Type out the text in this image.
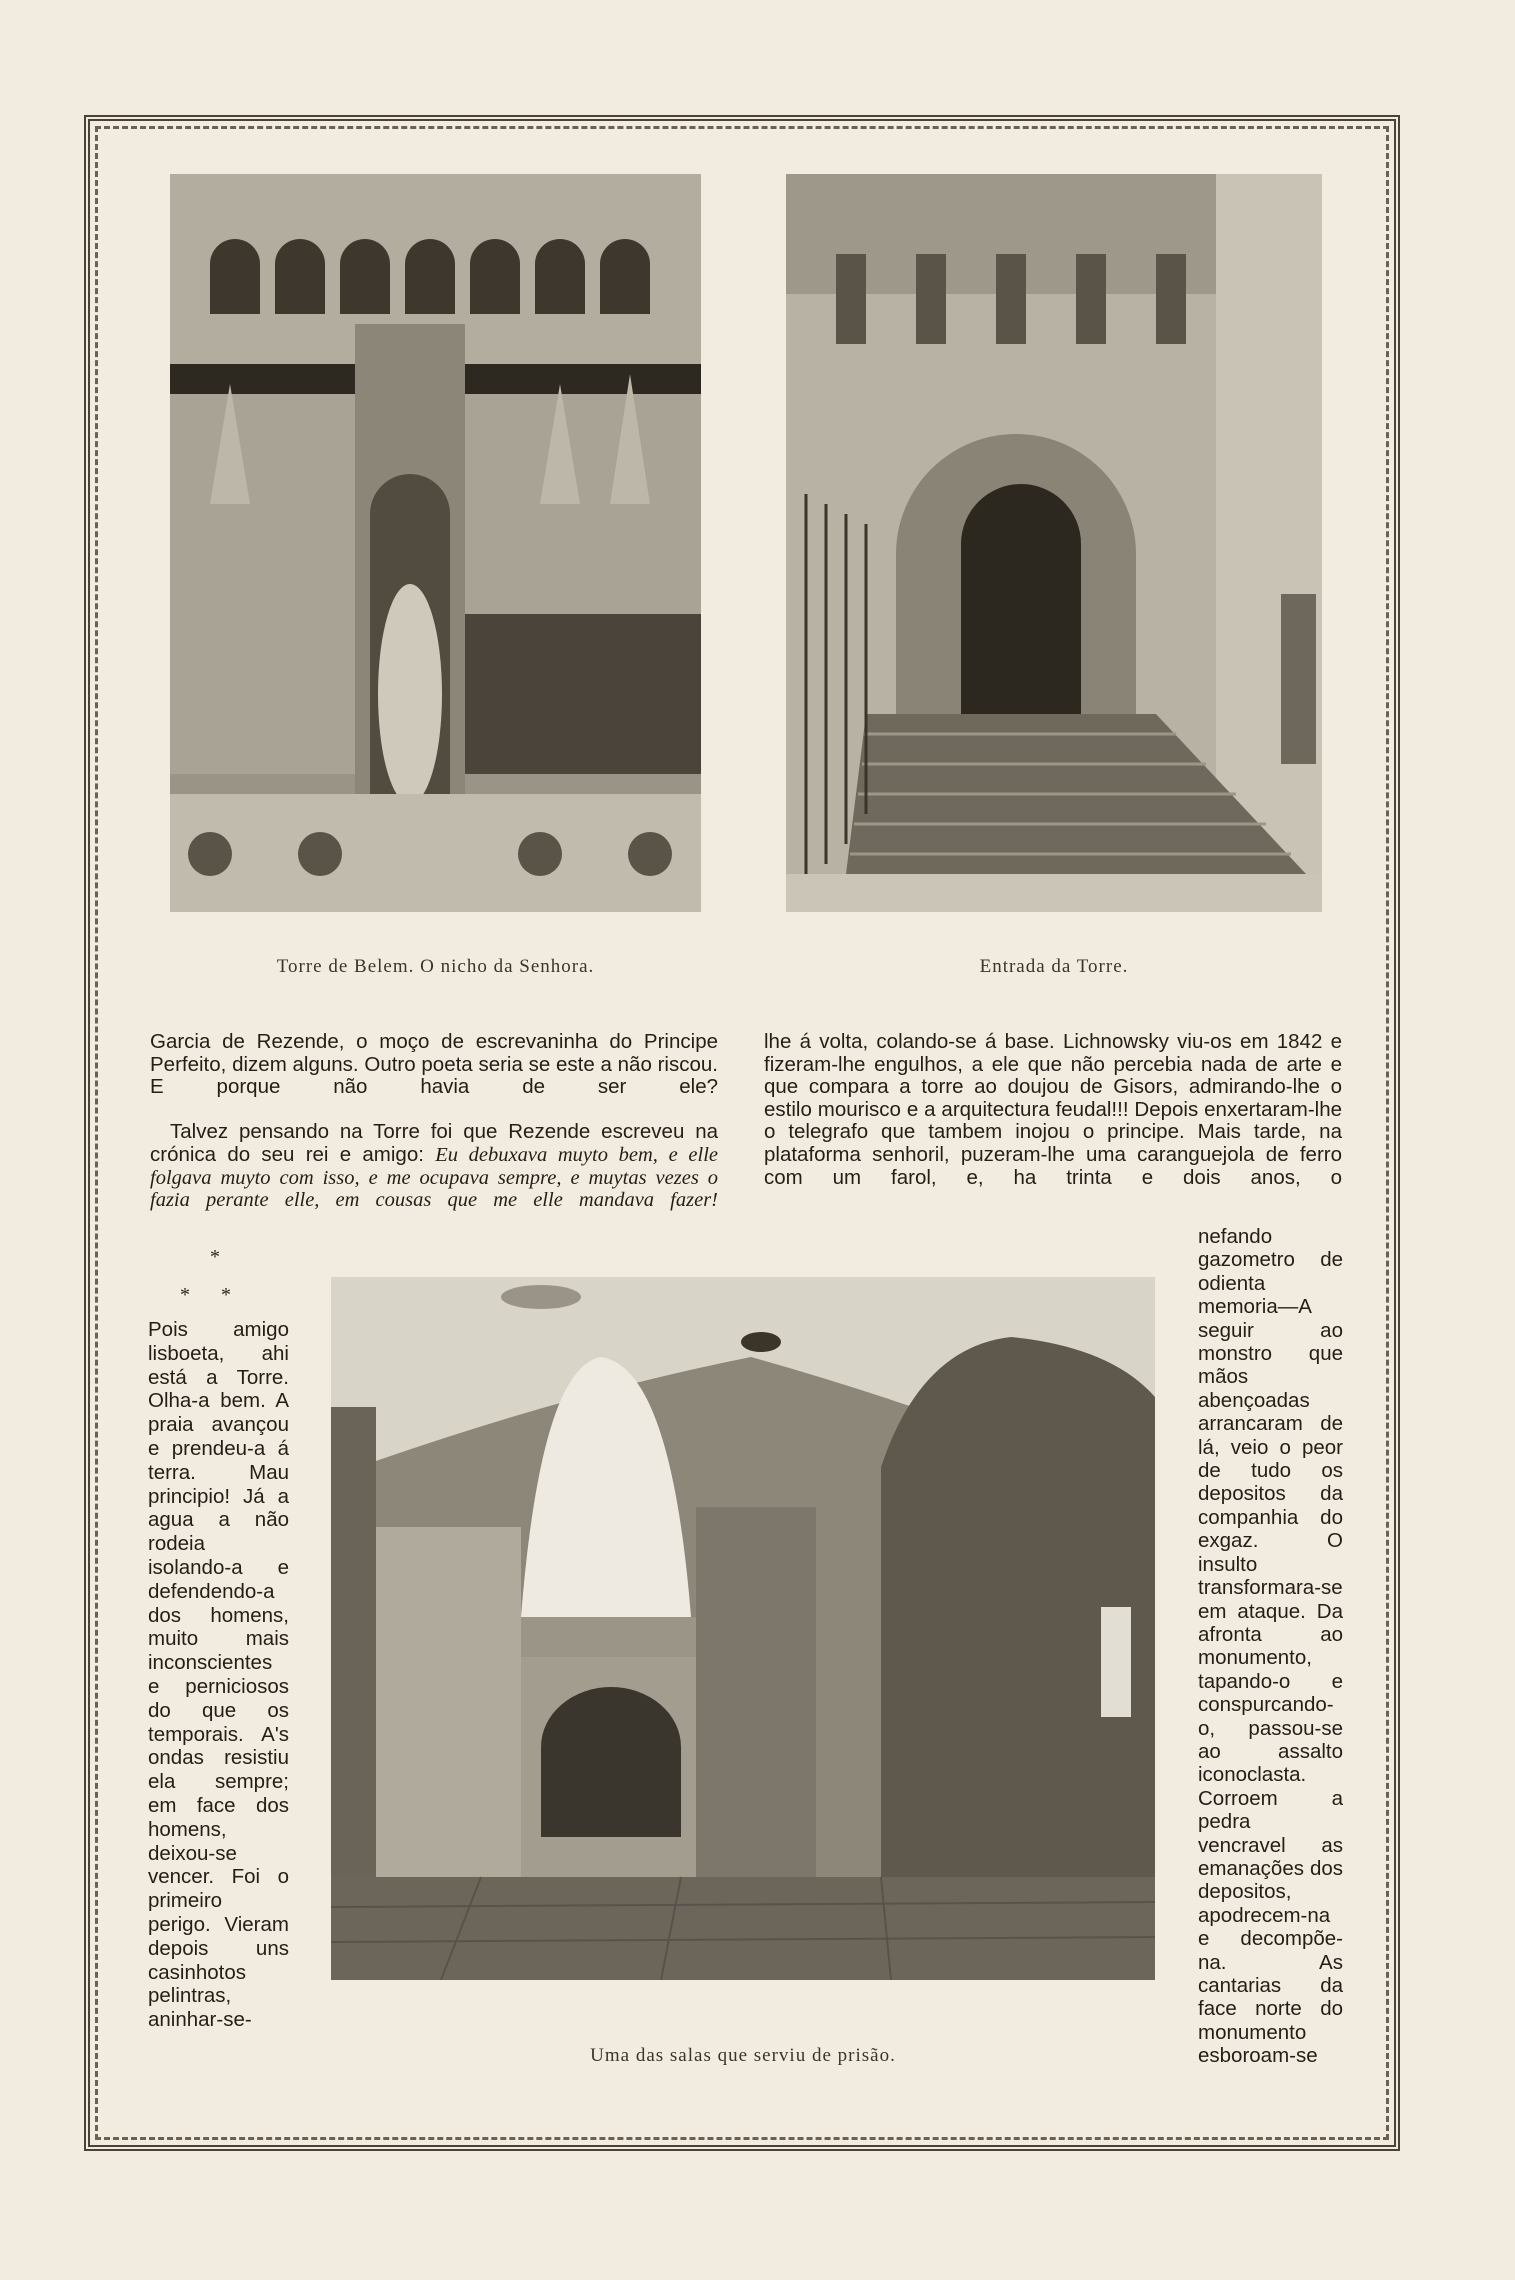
Torre de Belem. O nicho da Senhora.	Entrada da Torre.

Garcia de Rezende, o moço de escrevaninha do Principe Perfeito, dizem alguns. Outro poeta seria se este a não riscou. E porque não havia de ser ele?

Talvez pensando na Torre foi que Rezende escreveu na crónica do seu rei e amigo: Eu debuxava muyto bem, e elle folgava muyto com isso, e me ocupava sempre, e muytas vezes o fazia perante elle, em cousas que me elle mandava fazer!

lhe á volta, colando-se á base. Lichnowsky viu-os em 1842 e fizeram-lhe engulhos, a ele que não percebia nada de arte e que compara a torre ao doujou de Gisors, admirando-lhe o estilo mourisco e a arquitectura feudal!!! Depois enxertaram-lhe o telegrafo que tambem inojou o principe. Mais tarde, na plataforma senhoril, puzeram-lhe uma caranguejola de ferro com um farol, e, ha trinta e dois anos, o
*
* *
Uma das salas que serviu de prisão.
Pois amigo lisboeta, ahi está a Torre. Olha-a bem. A praia avançou e prendeu-a á terra. Mau principio! Já a agua a não rodeia isolando-a e defendendo-a dos homens, muito mais inconscientes e perniciosos do que os temporais. A's ondas resistiu ela sempre; em face dos homens, deixou-se vencer. Foi o primeiro perigo. Vieram depois uns casinhotos pelintras, aninhar-se-
nefando gazometro de odienta memoria—A seguir ao monstro que mãos abençoadas arrancaram de lá, veio o peor de tudo os depositos da companhia do exgaz. O insulto transformara-se em ataque. Da afronta ao monumento, tapando-o e conspurcando-o, passou-se ao assalto iconoclasta. Corroem a pedra vencravel as emanações dos depositos, apodrecem-na e decompõe-na. As cantarias da face norte do monumento esboroam-se
